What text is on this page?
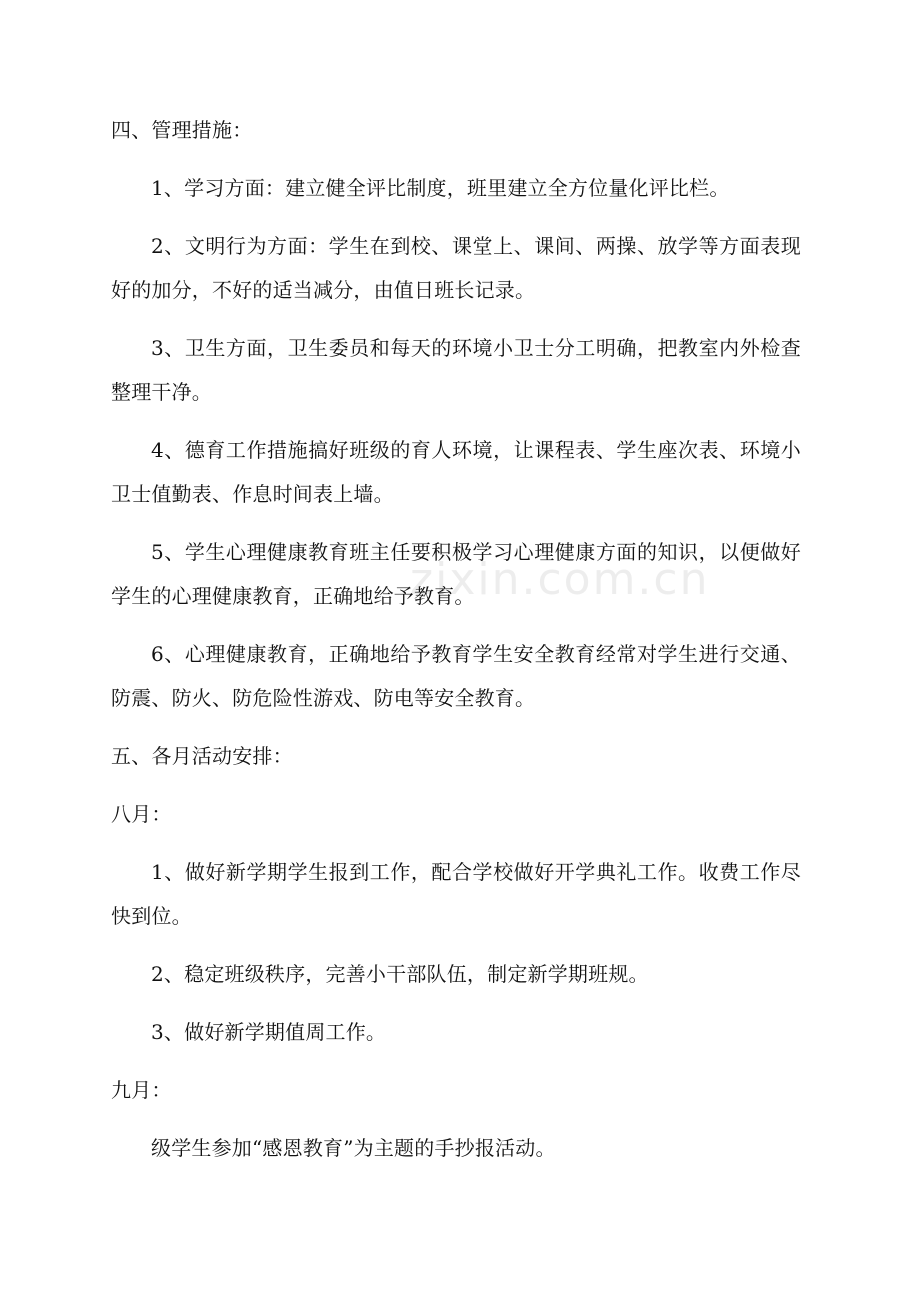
zixin.com.cn

四、管理措施：

1、学习方面：建立健全评比制度，班里建立全方位量化评比栏。

2、文明行为方面：学生在到校、课堂上、课间、两操、放学等方面表现好的加分，不好的适当减分，由值日班长记录。

3、卫生方面，卫生委员和每天的环境小卫士分工明确，把教室内外检查整理干净。

4、德育工作措施搞好班级的育人环境，让课程表、学生座次表、环境小卫士值勤表、作息时间表上墙。

5、学生心理健康教育班主任要积极学习心理健康方面的知识，以便做好学生的心理健康教育，正确地给予教育。

6、心理健康教育，正确地给予教育学生安全教育经常对学生进行交通、防震、防火、防危险性游戏、防电等安全教育。

五、各月活动安排：

八月：

1、做好新学期学生报到工作，配合学校做好开学典礼工作。收费工作尽快到位。

2、稳定班级秩序，完善小干部队伍，制定新学期班规。

3、做好新学期值周工作。

九月：

级学生参加“感恩教育”为主题的手抄报活动。
